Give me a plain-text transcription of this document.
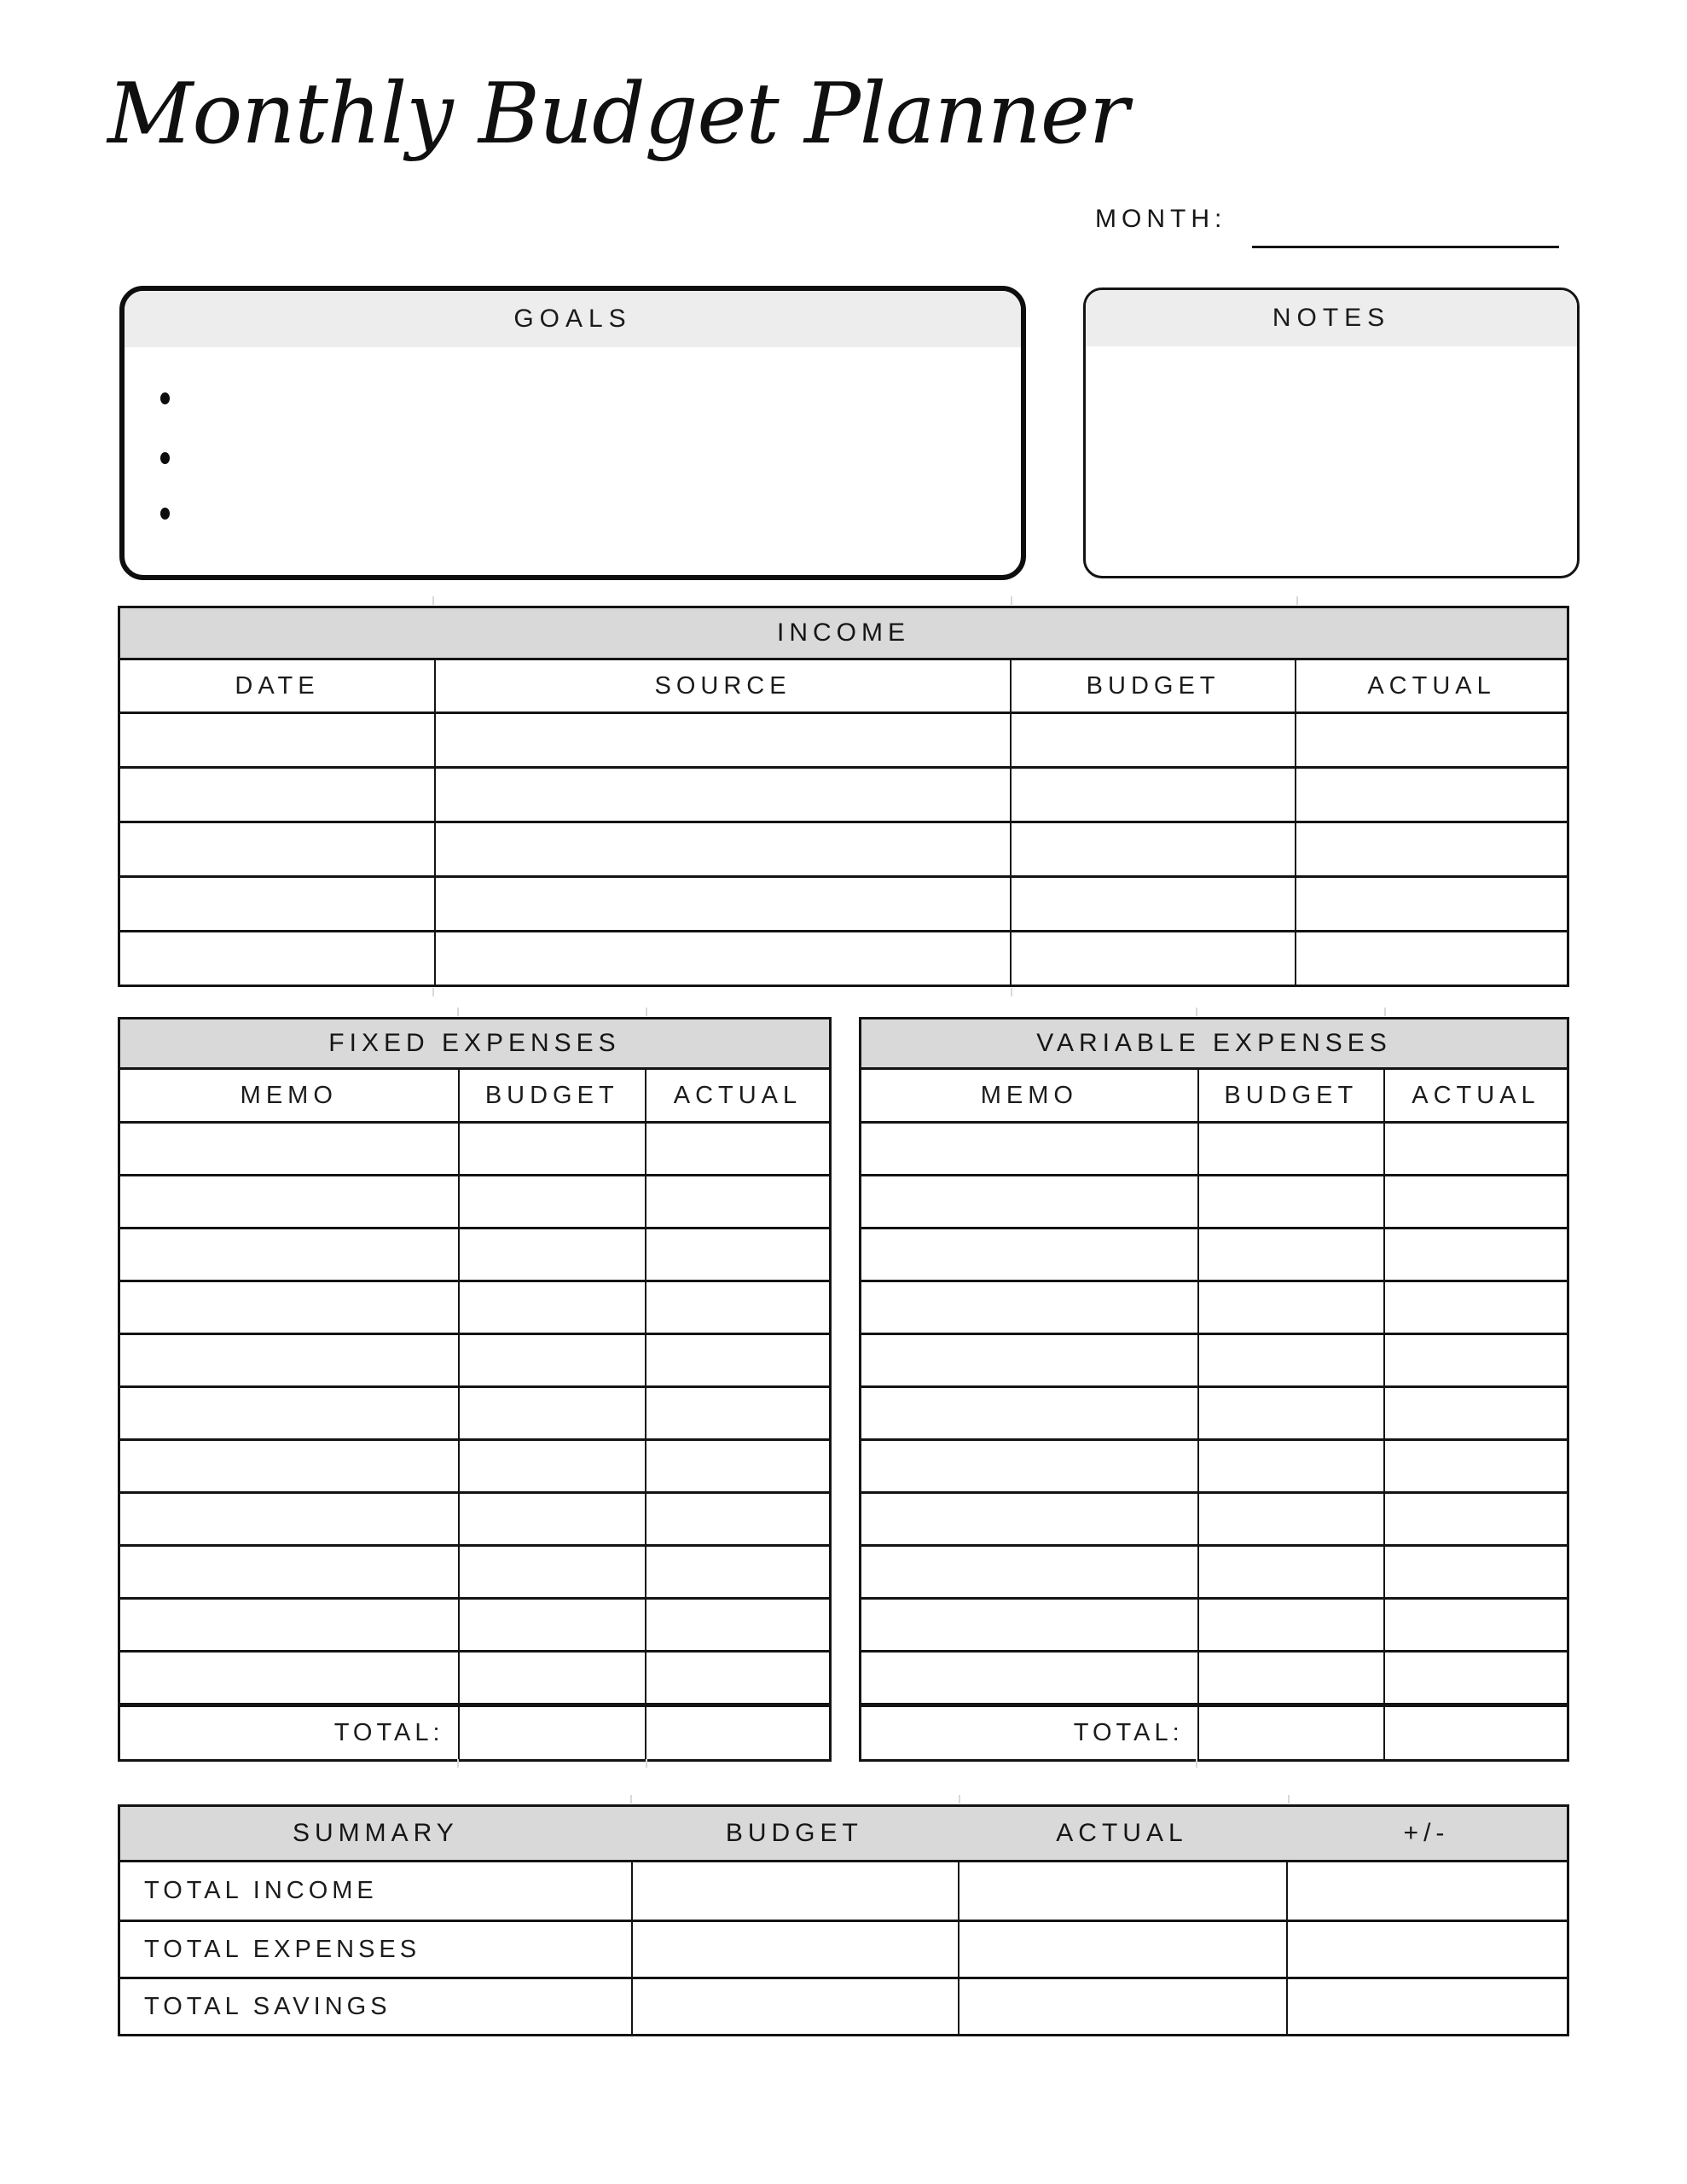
Monthly Budget Planner
MONTH:
GOALS	NOTES
INCOME
DATE	SOURCE	BUDGET	ACTUAL
FIXED EXPENSES
MEMO	BUDGET	ACTUAL
TOTAL:
VARIABLE EXPENSES
MEMO	BUDGET	ACTUAL
TOTAL:
SUMMARY	BUDGET	ACTUAL	+/-
TOTAL INCOME
TOTAL EXPENSES
TOTAL SAVINGS
